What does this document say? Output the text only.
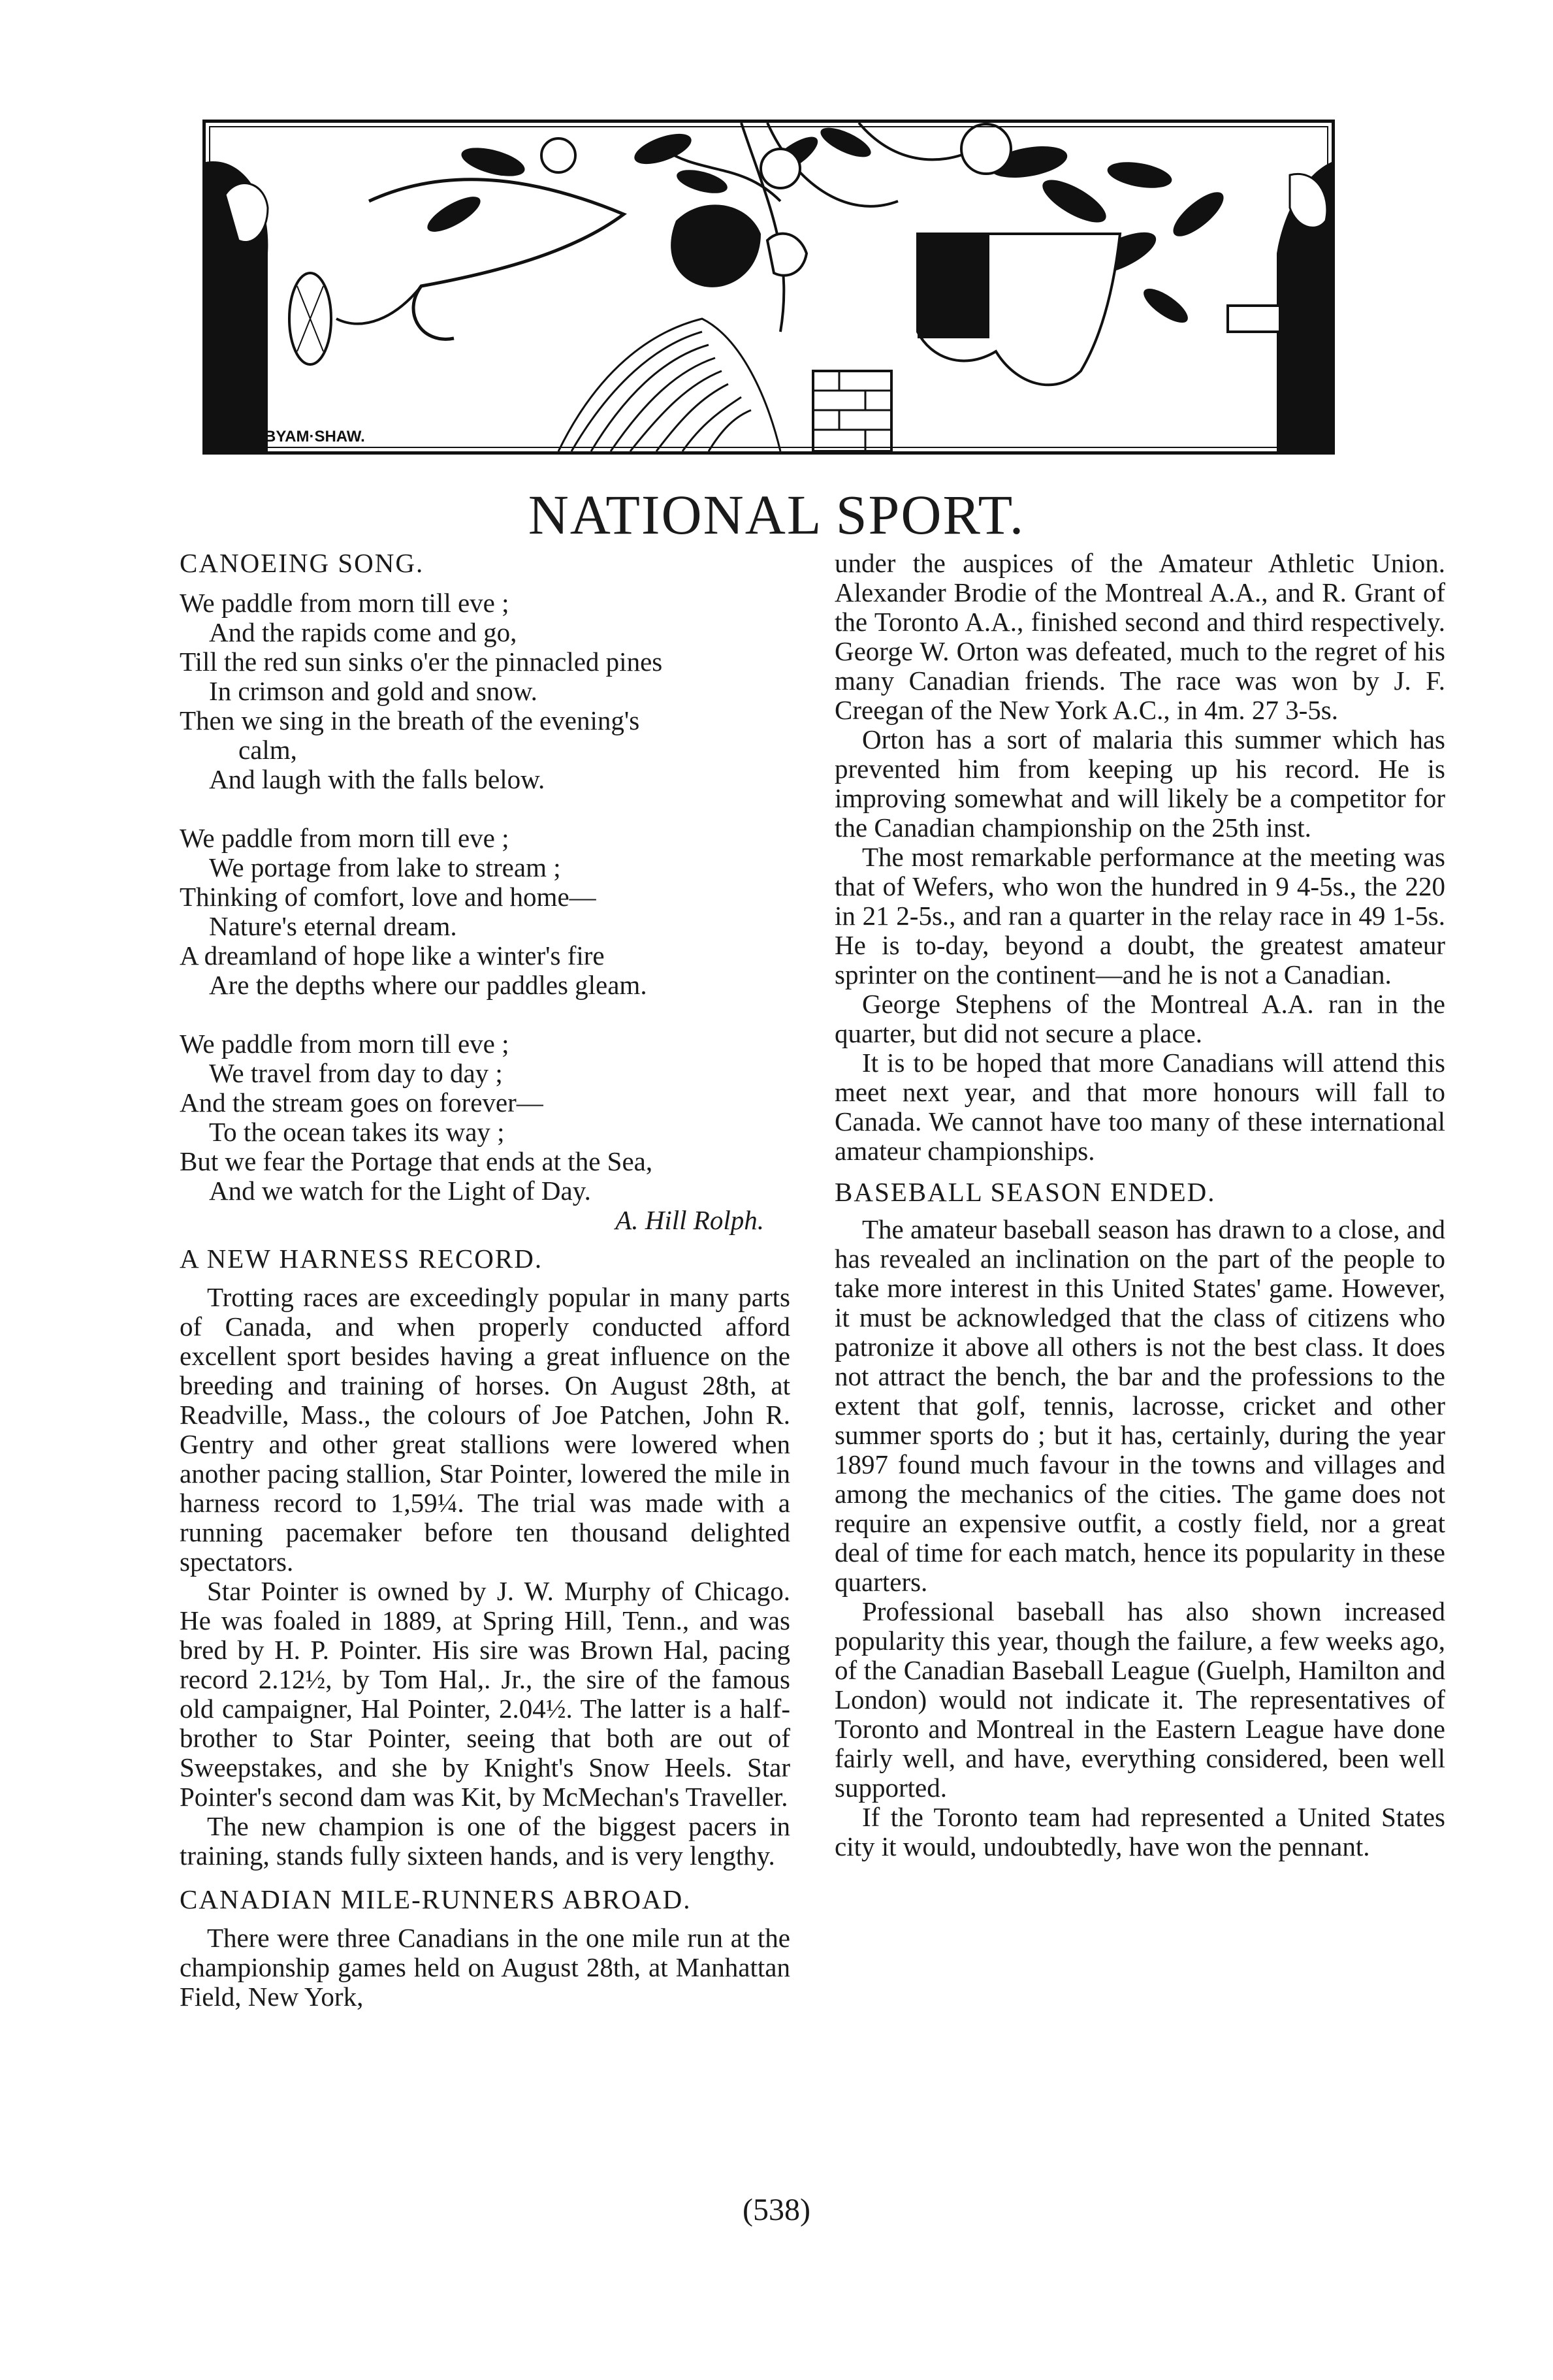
BYAM·SHAW.
NATIONAL SPORT.

CANOEING SONG.

We paddle from morn till eve ;
And the rapids come and go,
Till the red sun sinks o'er the pinnacled pines
In crimson and gold and snow.
Then we sing in the breath of the evening's
calm,
And laugh with the falls below.
We paddle from morn till eve ;
We portage from lake to stream ;
Thinking of comfort, love and home—
Nature's eternal dream.
A dreamland of hope like a winter's fire
Are the depths where our paddles gleam.
We paddle from morn till eve ;
We travel from day to day ;
And the stream goes on forever—
To the ocean takes its way ;
But we fear the Portage that ends at the Sea,
And we watch for the Light of Day.
A. Hill Rolph.

A NEW HARNESS RECORD.

Trotting races are exceedingly popular in many parts of Canada, and when properly conducted afford excellent sport besides having a great influence on the breeding and training of horses. On August 28th, at Readville, Mass., the colours of Joe Patchen, John R. Gentry and other great stallions were lowered when another pacing stallion, Star Pointer, lowered the mile in harness record to 1,59¼. The trial was made with a running pacemaker before ten thousand delighted spectators.

Star Pointer is owned by J. W. Murphy of Chicago. He was foaled in 1889, at Spring Hill, Tenn., and was bred by H. P. Pointer. His sire was Brown Hal, pacing record 2.12½, by Tom Hal,. Jr., the sire of the famous old campaigner, Hal Pointer, 2.04½. The latter is a half-brother to Star Pointer, seeing that both are out of Sweepstakes, and she by Knight's Snow Heels. Star Pointer's second dam was Kit, by McMechan's Traveller.

The new champion is one of the biggest pacers in training, stands fully sixteen hands, and is very lengthy.

CANADIAN MILE-RUNNERS ABROAD.

There were three Canadians in the one mile run at the championship games held on August 28th, at Manhattan Field, New York,

under the auspices of the Amateur Athletic Union. Alexander Brodie of the Montreal A.A., and R. Grant of the Toronto A.A., finished second and third respectively. George W. Orton was defeated, much to the regret of his many Canadian friends. The race was won by J. F. Creegan of the New York A.C., in 4m. 27 3-5s.

Orton has a sort of malaria this summer which has prevented him from keeping up his record. He is improving somewhat and will likely be a competitor for the Canadian championship on the 25th inst.

The most remarkable performance at the meeting was that of Wefers, who won the hundred in 9 4-5s., the 220 in 21 2-5s., and ran a quarter in the relay race in 49 1-5s. He is to-day, beyond a doubt, the greatest amateur sprinter on the continent—and he is not a Canadian.

George Stephens of the Montreal A.A. ran in the quarter, but did not secure a place.

It is to be hoped that more Canadians will attend this meet next year, and that more honours will fall to Canada. We cannot have too many of these international amateur championships.

BASEBALL SEASON ENDED.

The amateur baseball season has drawn to a close, and has revealed an inclination on the part of the people to take more interest in this United States' game. However, it must be acknowledged that the class of citizens who patronize it above all others is not the best class. It does not attract the bench, the bar and the professions to the extent that golf, tennis, lacrosse, cricket and other summer sports do ; but it has, certainly, during the year 1897 found much favour in the towns and villages and among the mechanics of the cities. The game does not require an expensive outfit, a costly field, nor a great deal of time for each match, hence its popularity in these quarters.

Professional baseball has also shown increased popularity this year, though the failure, a few weeks ago, of the Canadian Baseball League (Guelph, Hamilton and London) would not indicate it. The representatives of Toronto and Montreal in the Eastern League have done fairly well, and have, everything considered, been well supported.

If the Toronto team had represented a United States city it would, undoubtedly, have won the pennant.

(538)
